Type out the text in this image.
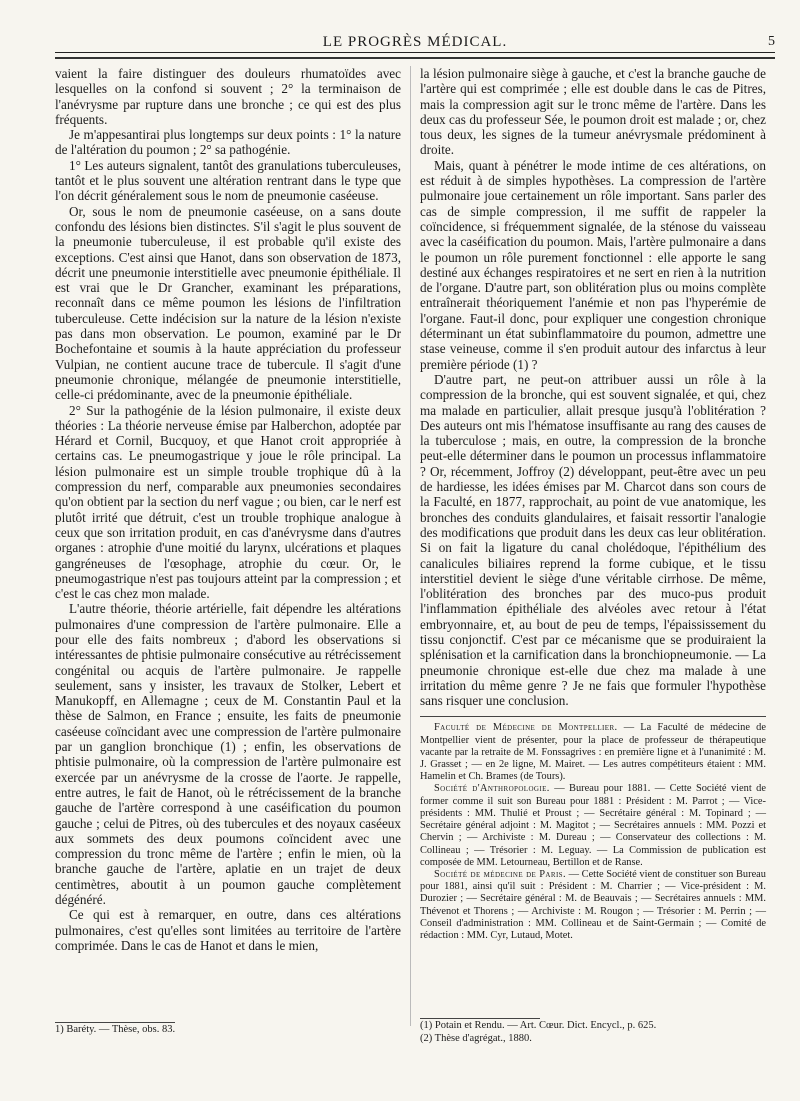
LE PROGRÈS MÉDICAL.	5

vaient la faire distinguer des douleurs rhumatoïdes avec lesquelles on la confond si souvent ; 2° la terminaison de l'anévrysme par rupture dans une bronche ; ce qui est des plus fréquents.

Je m'appesantirai plus longtemps sur deux points : 1° la nature de l'altération du poumon ; 2° sa pathogénie.

1° Les auteurs signalent, tantôt des granulations tuberculeuses, tantôt et le plus souvent une altération rentrant dans le type que l'on décrit généralement sous le nom de pneumonie caséeuse.

Or, sous le nom de pneumonie caséeuse, on a sans doute confondu des lésions bien distinctes. S'il s'agit le plus souvent de la pneumonie tuberculeuse, il est probable qu'il existe des exceptions. C'est ainsi que Hanot, dans son observation de 1873, décrit une pneumonie interstitielle avec pneumonie épithéliale. Il est vrai que le Dr Grancher, examinant les préparations, reconnaît dans ce même poumon les lésions de l'infiltration tuberculeuse. Cette indécision sur la nature de la lésion n'existe pas dans mon observation. Le poumon, examiné par le Dr Bochefontaine et soumis à la haute appréciation du professeur Vulpian, ne contient aucune trace de tubercule. Il s'agit d'une pneumonie chronique, mélangée de pneumonie interstitielle, celle-ci prédominante, avec de la pneumonie épithéliale.

2° Sur la pathogénie de la lésion pulmonaire, il existe deux théories : La théorie nerveuse émise par Halberchon, adoptée par Hérard et Cornil, Bucquoy, et que Hanot croit appropriée à certains cas. Le pneumogastrique y joue le rôle principal. La lésion pulmonaire est un simple trouble trophique dû à la compression du nerf, comparable aux pneumonies secondaires qu'on obtient par la section du nerf vague ; ou bien, car le nerf est plutôt irrité que détruit, c'est un trouble trophique analogue à ceux que son irritation produit, en cas d'anévrysme dans d'autres organes : atrophie d'une moitié du larynx, ulcérations et plaques gangréneuses de l'œsophage, atrophie du cœur. Or, le pneumogastrique n'est pas toujours atteint par la compression ; et c'est le cas chez mon malade.

L'autre théorie, théorie artérielle, fait dépendre les altérations pulmonaires d'une compression de l'artère pulmonaire. Elle a pour elle des faits nombreux ; d'abord les observations si intéressantes de phtisie pulmonaire consécutive au rétrécissement congénital ou acquis de l'artère pulmonaire. Je rappelle seulement, sans y insister, les travaux de Stolker, Lebert et Manukopff, en Allemagne ; ceux de M. Constantin Paul et la thèse de Salmon, en France ; ensuite, les faits de pneumonie caséeuse coïncidant avec une compression de l'artère pulmonaire par un ganglion bronchique (1) ; enfin, les observations de phtisie pulmonaire, où la compression de l'artère pulmonaire est exercée par un anévrysme de la crosse de l'aorte. Je rappelle, entre autres, le fait de Hanot, où le rétrécissement de la branche gauche de l'artère correspond à une caséification du poumon gauche ; celui de Pitres, où des tubercules et des noyaux caséeux aux sommets des deux poumons coïncident avec une compression du tronc même de l'artère ; enfin le mien, où la branche gauche de l'artère, aplatie en un trajet de deux centimètres, aboutit à un poumon gauche complètement dégénéré.

Ce qui est à remarquer, en outre, dans ces altérations pulmonaires, c'est qu'elles sont limitées au territoire de l'artère comprimée. Dans le cas de Hanot et dans le mien,

la lésion pulmonaire siège à gauche, et c'est la branche gauche de l'artère qui est comprimée ; elle est double dans le cas de Pitres, mais la compression agit sur le tronc même de l'artère. Dans les deux cas du professeur Sée, le poumon droit est malade ; or, chez tous deux, les signes de la tumeur anévrysmale prédominent à droite.

Mais, quant à pénétrer le mode intime de ces altérations, on est réduit à de simples hypothèses. La compression de l'artère pulmonaire joue certainement un rôle important. Sans parler des cas de simple compression, il me suffit de rappeler la coïncidence, si fréquemment signalée, de la sténose du vaisseau avec la caséification du poumon. Mais, l'artère pulmonaire a dans le poumon un rôle purement fonctionnel : elle apporte le sang destiné aux échanges respiratoires et ne sert en rien à la nutrition de l'organe. D'autre part, son oblitération plus ou moins complète entraînerait théoriquement l'anémie et non pas l'hyperémie de l'organe. Faut-il donc, pour expliquer une congestion chronique déterminant un état subinflammatoire du poumon, admettre une stase veineuse, comme il s'en produit autour des infarctus à leur première période (1) ?

D'autre part, ne peut-on attribuer aussi un rôle à la compression de la bronche, qui est souvent signalée, et qui, chez ma malade en particulier, allait presque jusqu'à l'oblitération ? Des auteurs ont mis l'hématose insuffisante au rang des causes de la tuberculose ; mais, en outre, la compression de la bronche peut-elle déterminer dans le poumon un processus inflammatoire ? Or, récemment, Joffroy (2) développant, peut-être avec un peu de hardiesse, les idées émises par M. Charcot dans son cours de la Faculté, en 1877, rapprochait, au point de vue anatomique, les bronches des conduits glandulaires, et faisait ressortir l'analogie des modifications que produit dans les deux cas leur oblitération. Si on fait la ligature du canal cholédoque, l'épithélium des canalicules biliaires reprend la forme cubique, et le tissu interstitiel devient le siège d'une véritable cirrhose. De même, l'oblitération des bronches par des muco-pus produit l'inflammation épithéliale des alvéoles avec retour à l'état embryonnaire, et, au bout de peu de temps, l'épaississement du tissu conjonctif. C'est par ce mécanisme que se produiraient la splénisation et la carnification dans la bronchiopneumonie. — La pneumonie chronique est-elle due chez ma malade à une irritation du même genre ? Je ne fais que formuler l'hypothèse sans risquer une conclusion.

Faculté de Médecine de Montpellier. — La Faculté de médecine de Montpellier vient de présenter, pour la place de professeur de thérapeutique vacante par la retraite de M. Fonssagrives : en première ligne et à l'unanimité : M. J. Grasset ; — en 2e ligne, M. Mairet. — Les autres compétiteurs étaient : MM. Hamelin et Ch. Brames (de Tours).

Société d'Anthropologie. — Bureau pour 1881. — Cette Société vient de former comme il suit son Bureau pour 1881 : Président : M. Parrot ; — Vice-présidents : MM. Thulié et Proust ; — Secrétaire général : M. Topinard ; — Secrétaire général adjoint : M. Magitot ; — Secrétaires annuels : MM. Pozzi et Chervin ; — Archiviste : M. Dureau ; — Conservateur des collections : M. Collineau ; — Trésorier : M. Leguay. — La Commission de publication est composée de MM. Letourneau, Bertillon et de Ranse.

Société de médecine de Paris. — Cette Société vient de constituer son Bureau pour 1881, ainsi qu'il suit : Président : M. Charrier ; — Vice-président : M. Durozier ; — Secrétaire général : M. de Beauvais ; — Secrétaires annuels : MM. Thévenot et Thorens ; — Archiviste : M. Rougon ; — Trésorier : M. Perrin ; — Conseil d'administration : MM. Collineau et de Saint-Germain ; — Comité de rédaction : MM. Cyr, Lutaud, Motet.

1) Baréty. — Thèse, obs. 83.	(1) Potain et Rendu. — Art. Cœur. Dict. Encycl., p. 625.

(2) Thèse d'agrégat., 1880.
